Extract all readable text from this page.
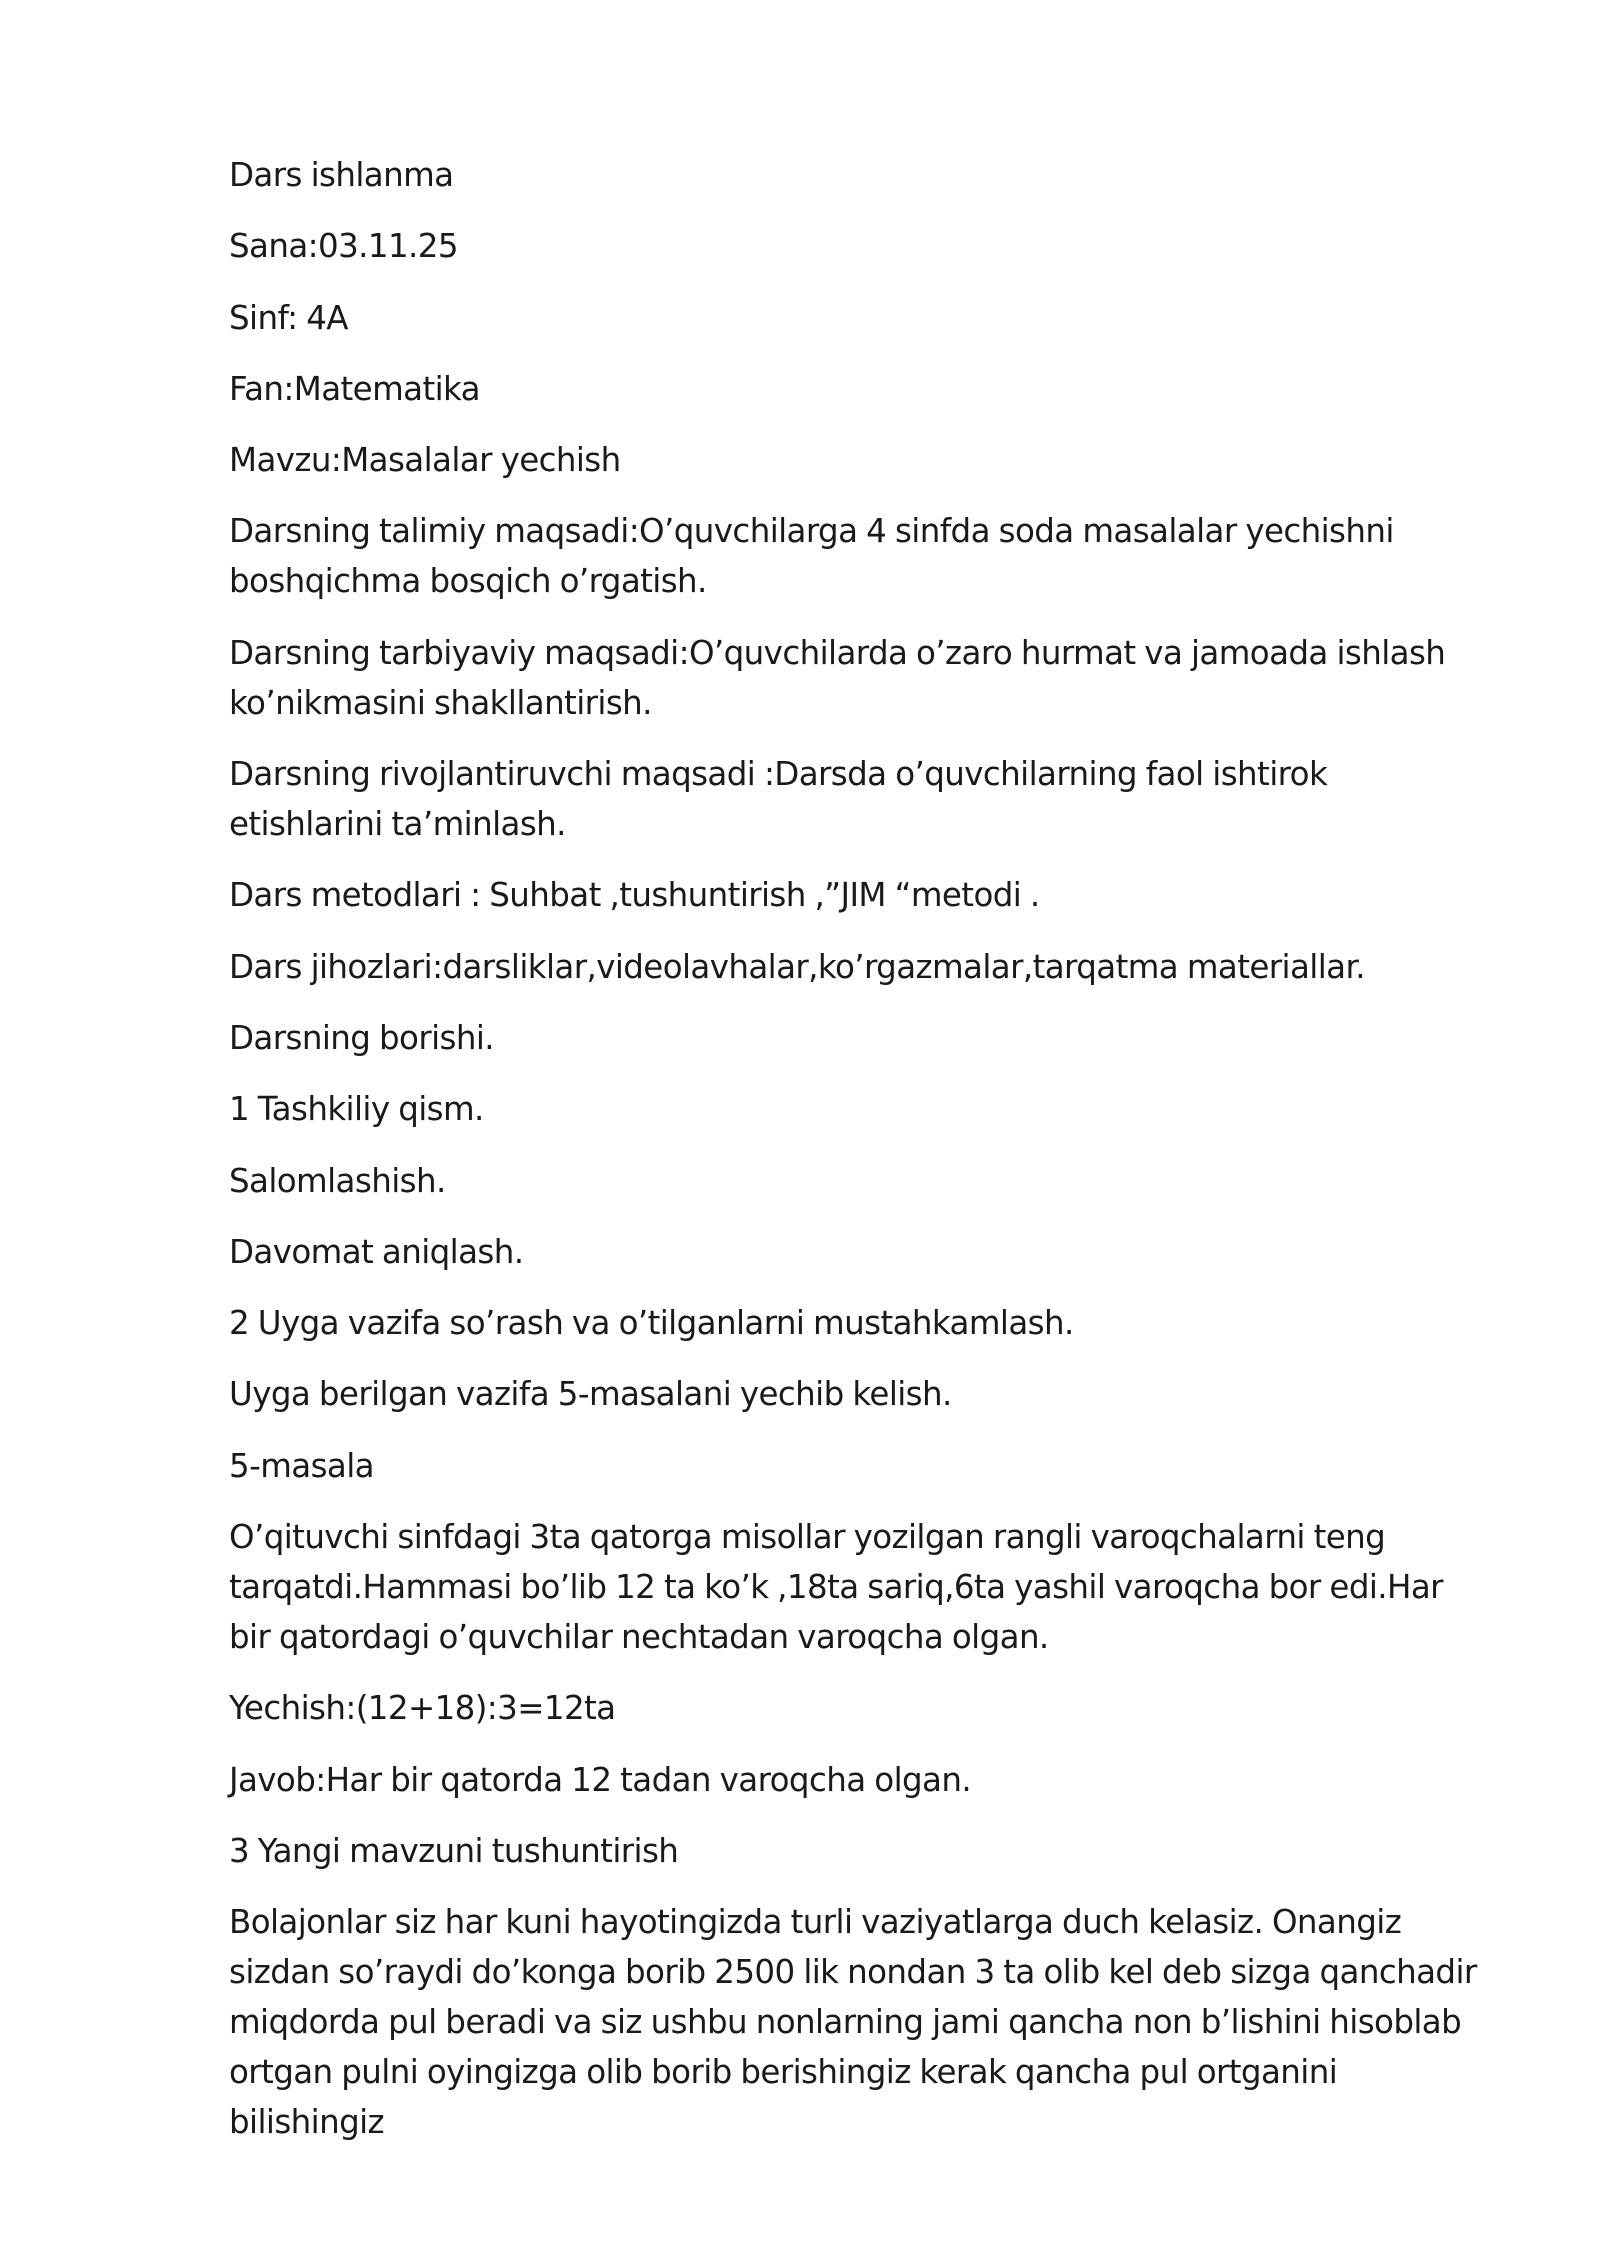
Dars ishlanma

Sana:03.11.25

Sinf: 4A

Fan:Matematika

Mavzu:Masalalar yechish

Darsning talimiy maqsadi:O’quvchilarga 4 sinfda soda masalalar yechishni boshqichma bosqich o’rgatish.

Darsning tarbiyaviy maqsadi:O’quvchilarda o’zaro hurmat va jamoada ishlash ko’nikmasini shakllantirish.

Darsning rivojlantiruvchi maqsadi :Darsda o’quvchilarning faol ishtirok etishlarini ta’minlash.

Dars metodlari : Suhbat ,tushuntirish ,”JIM “metodi .

Dars jihozlari:darsliklar,videolavhalar,ko’rgazmalar,tarqatma materiallar.

Darsning borishi.

1 Tashkiliy qism.

Salomlashish.

Davomat aniqlash.

2 Uyga vazifa so’rash va o’tilganlarni mustahkamlash.

Uyga berilgan vazifa 5-masalani yechib kelish.

5-masala

O’qituvchi sinfdagi 3ta qatorga misollar yozilgan rangli varoqchalarni teng tarqatdi.Hammasi bo’lib 12 ta ko’k ,18ta sariq,6ta yashil varoqcha bor edi.Har bir qatordagi o’quvchilar nechtadan varoqcha olgan.

Yechish:(12+18):3=12ta

Javob:Har bir qatorda 12 tadan varoqcha olgan.

3 Yangi mavzuni tushuntirish

Bolajonlar siz har kuni hayotingizda turli vaziyatlarga duch kelasiz. Onangiz sizdan so’raydi do’konga borib 2500 lik nondan 3 ta olib kel deb sizga qanchadir miqdorda pul beradi va siz ushbu nonlarning jami qancha non b’lishini hisoblab ortgan pulni oyingizga olib borib berishingiz kerak qancha pul ortganini bilishingiz
